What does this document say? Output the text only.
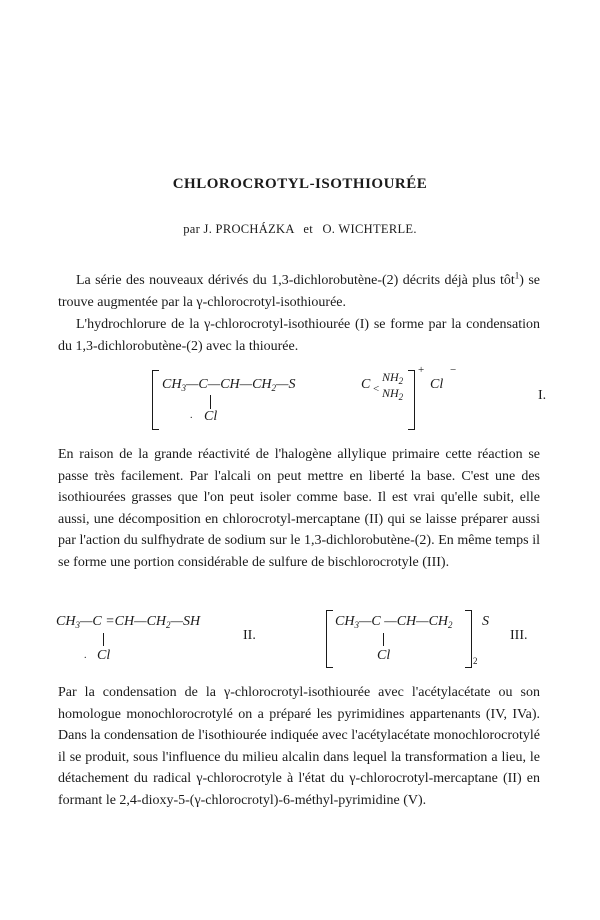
CHLOROCROTYL-ISOTHIOURÉE
par J. PROCHÁZKA et O. WICHTERLE.

La série des nouveaux dérivés du 1,3-dichlorobutène-(2) décrits déjà plus tôt$^1$) se trouve augmentée par la γ-chlorocrotyl-isothiourée.

L'hydrochlorure de la γ-chlorocrotyl-isothiourée (I) se forme par la condensation du 1,3-dichlorobutène-(2) avec la thiourée.

$CH_3—C—CH—CH_2—S$	C <
$NH_2$
$NH_2$
+
Cl
−
. Cl
I.

En raison de la grande réactivité de l'halogène allylique primaire cette réaction se passe très facilement. Par l'alcali on peut mettre en liberté la base. C'est une des isothiourées grasses que l'on peut isoler comme base. Il est vrai qu'elle subit, elle aussi, une décomposition en chlorocrotyl-mercaptane (II) qui se laisse préparer aussi par l'action du sulfhydrate de sodium sur le 1,3-dichlorobutène-(2). En même temps il se forme une portion considérable de sulfure de bischlorocrotyle (III).

$CH_3—C$ $=CH—CH_2—SH$
. Cl
II.
$CH_3—C$ $—CH—CH_2$ S
2
Cl
III.

Par la condensation de la γ-chlorocrotyl-isothiourée avec l'acétylacétate ou son homologue monochlorocrotylé on a préparé les pyrimidines appartenants (IV, IVa). Dans la condensation de l'isothiourée indiquée avec l'acétylacétate monochlorocrotylé il se produit, sous l'influence du milieu alcalin dans lequel la transformation a lieu, le détachement du radical γ-chlorocrotyle à l'état du γ-chlorocrotyl-mercaptane (II) en formant le 2,4-dioxy-5-(γ-chlorocrotyl)-6-méthyl-pyrimidine (V).
